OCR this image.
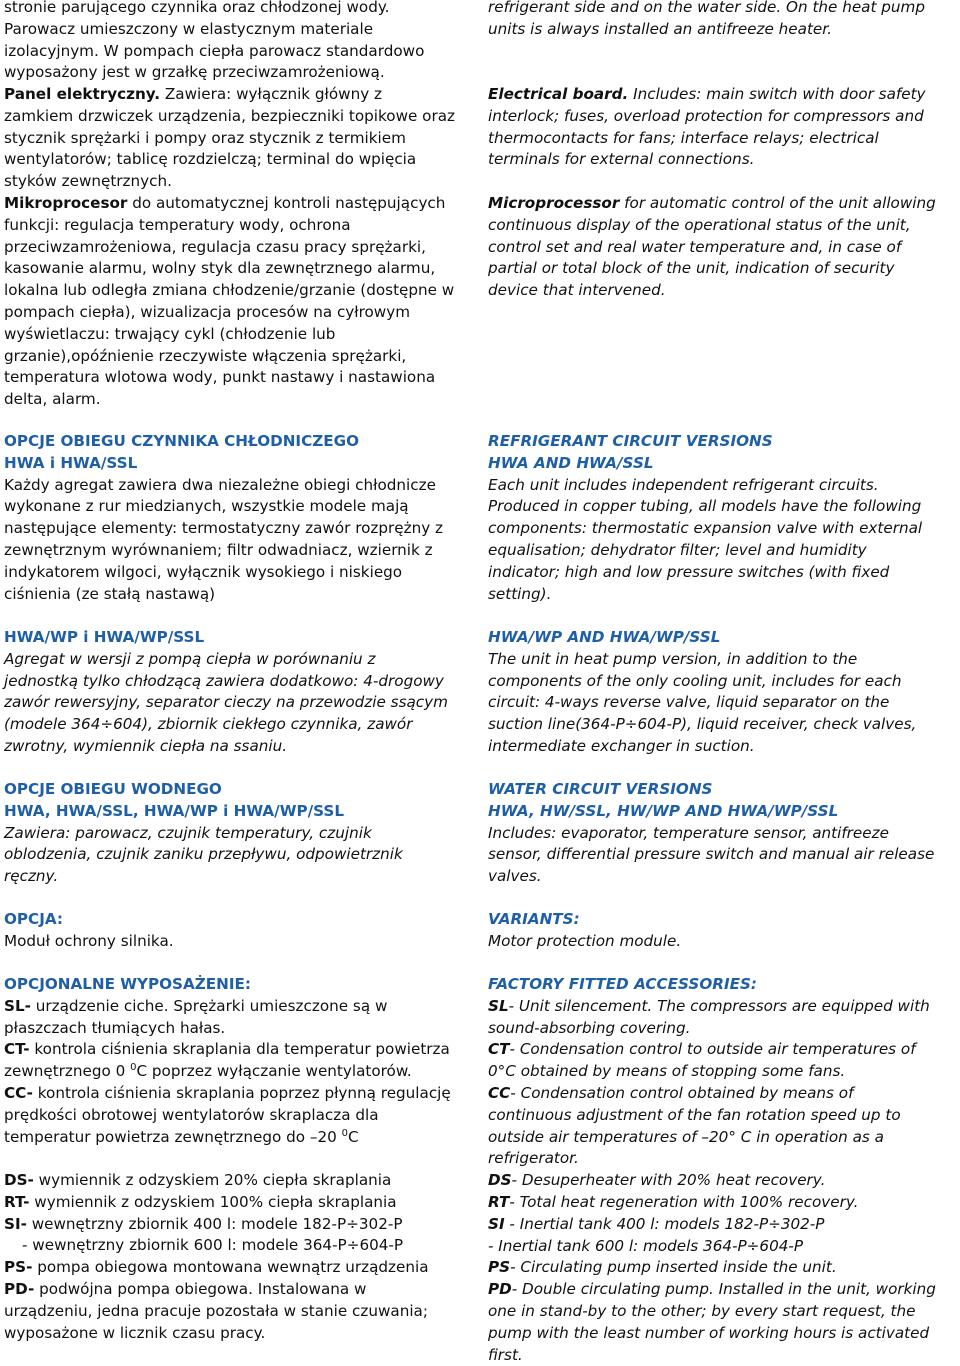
stronie parującego czynnika oraz chłodzonej wody.
Parowacz umieszczony w elastycznym materiale
izolacyjnym. W pompach ciepła parowacz standardowo
wyposażony jest w grzałkę przeciwzamrożeniową.
Panel elektryczny. Zawiera: wyłącznik główny z
zamkiem drzwiczek urządzenia, bezpieczniki topikowe oraz
stycznik sprężarki i pompy oraz stycznik z termikiem
wentylatorów; tablicę rozdzielczą; terminal do wpięcia
styków zewnętrznych.
Mikroprocesor do automatycznej kontroli następujących
funkcji: regulacja temperatury wody, ochrona
przeciwzamrożeniowa, regulacja czasu pracy sprężarki,
kasowanie alarmu, wolny styk dla zewnętrznego alarmu,
lokalna lub odległa zmiana chłodzenie/grzanie (dostępne w
pompach ciepła), wizualizacja procesów na cyłrowym
wyświetlaczu: trwający cykl (chłodzenie lub
grzanie),opóźnienie rzeczywiste włączenia sprężarki,
temperatura wlotowa wody, punkt nastawy i nastawiona
delta, alarm.
OPCJE OBIEGU CZYNNIKA CHŁODNICZEGO
HWA i HWA/SSL
Każdy agregat zawiera dwa niezależne obiegi chłodnicze
wykonane z rur miedzianych, wszystkie modele mają
następujące elementy: termostatyczny zawór rozprężny z
zewnętrznym wyrównaniem; filtr odwadniacz, wziernik z
indykatorem wilgoci, wyłącznik wysokiego i niskiego
ciśnienia (ze stałą nastawą)
HWA/WP i HWA/WP/SSL
Agregat w wersji z pompą ciepła w porównaniu z
jednostką tylko chłodzącą zawiera dodatkowo: 4-drogowy
zawór rewersyjny, separator cieczy na przewodzie ssącym
(modele 364÷604), zbiornik ciekłego czynnika, zawór
zwrotny, wymiennik ciepła na ssaniu.
OPCJE OBIEGU WODNEGO
HWA, HWA/SSL, HWA/WP i HWA/WP/SSL
Zawiera: parowacz, czujnik temperatury, czujnik
oblodzenia, czujnik zaniku przepływu, odpowietrznik
ręczny.
OPCJA:
Moduł ochrony silnika.
OPCJONALNE WYPOSAŻENIE:
SL- urządzenie ciche. Sprężarki umieszczone są w
płaszczach tłumiących hałas.
CT- kontrola ciśnienia skraplania dla temperatur powietrza
zewnętrznego 0 $^0$C poprzez wyłączanie wentylatorów.
CC- kontrola ciśnienia skraplania poprzez płynną regulację
prędkości obrotowej wentylatorów skraplacza dla
temperatur powietrza zewnętrznego do –20 $^0$C
DS- wymiennik z odzyskiem 20% ciepła skraplania
RT- wymiennik z odzyskiem 100% ciepła skraplania
SI- wewnętrzny zbiornik 400 l: modele 182-P÷302-P
- wewnętrzny zbiornik 600 l: modele 364-P÷604-P
PS- pompa obiegowa montowana wewnątrz urządzenia
PD- podwójna pompa obiegowa. Instalowana w
urządzeniu, jedna pracuje pozostała w stanie czuwania;
wyposażone w licznik czasu pracy.
refrigerant side and on the water side. On the heat pump
units is always installed an antifreeze heater.
Electrical board. Includes: main switch with door safety
interlock; fuses, overload protection for compressors and
thermocontacts for fans; interface relays; electrical
terminals for external connections.
Microprocessor for automatic control of the unit allowing
continuous display of the operational status of the unit,
control set and real water temperature and, in case of
partial or total block of the unit, indication of security
device that intervened.
REFRIGERANT CIRCUIT VERSIONS
HWA AND HWA/SSL
Each unit includes independent refrigerant circuits.
Produced in copper tubing, all models have the following
components: thermostatic expansion valve with external
equalisation; dehydrator filter; level and humidity
indicator; high and low pressure switches (with fixed
setting).
HWA/WP AND HWA/WP/SSL
The unit in heat pump version, in addition to the
components of the only cooling unit, includes for each
circuit: 4-ways reverse valve, liquid separator on the
suction line(364-P÷604-P), liquid receiver, check valves,
intermediate exchanger in suction.
WATER CIRCUIT VERSIONS
HWA, HW/SSL, HW/WP AND HWA/WP/SSL
Includes: evaporator, temperature sensor, antifreeze
sensor, differential pressure switch and manual air release
valves.
VARIANTS:
Motor protection module.
FACTORY FITTED ACCESSORIES:
SL- Unit silencement. The compressors are equipped with
sound-absorbing covering.
CT- Condensation control to outside air temperatures of
0°C obtained by means of stopping some fans.
CC- Condensation control obtained by means of
continuous adjustment of the fan rotation speed up to
outside air temperatures of –20° C in operation as a
refrigerator.
DS- Desuperheater with 20% heat recovery.
RT- Total heat regeneration with 100% recovery.
SI - Inertial tank 400 l: models 182-P÷302-P
- Inertial tank 600 l: models 364-P÷604-P
PS- Circulating pump inserted inside the unit.
PD- Double circulating pump. Installed in the unit, working
one in stand-by to the other; by every start request, the
pump with the least number of working hours is activated
first.
